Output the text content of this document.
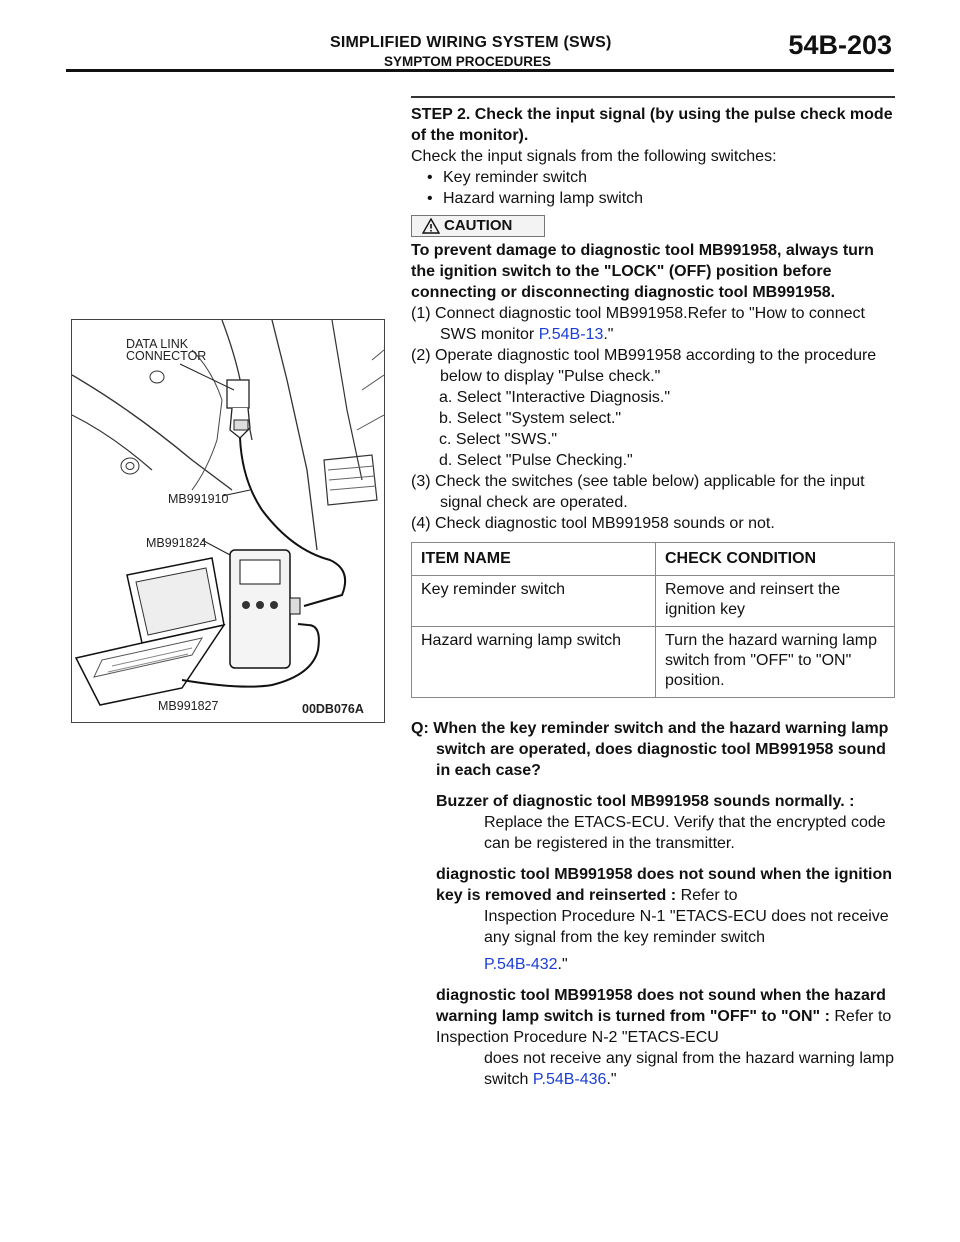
SIMPLIFIED WIRING SYSTEM (SWS)
SYMPTOM PROCEDURES
54B-203
DATA LINK
CONNECTOR
MB991910
MB991824
MB991827	00DB076A

STEP 2. Check the input signal (by using the pulse check mode of the monitor).

Check the input signals from the following switches:

• Key reminder switch
• Hazard warning lamp switch
CAUTION

To prevent damage to diagnostic tool MB991958, always turn the ignition switch to the "LOCK" (OFF) position before connecting or disconnecting diagnostic tool MB991958.

(1) Connect diagnostic tool MB991958.Refer to "How to connect SWS monitor P.54B-13."
(2) Operate diagnostic tool MB991958 according to the procedure below to display "Pulse check."
a. Select "Interactive Diagnosis."
b. Select "System select."
c. Select "SWS."
d. Select "Pulse Checking."
(3) Check the switches (see table below) applicable for the input signal check are operated.
(4) Check diagnostic tool MB991958 sounds or not.
ITEM NAME	CHECK CONDITION
Key reminder switch	Remove and reinsert the ignition key
Hazard warning lamp switch	Turn the hazard warning lamp switch from "OFF" to "ON" position.
Q: When the key reminder switch and the hazard warning lamp switch are operated, does diagnostic tool MB991958 sound in each case?
Buzzer of diagnostic tool MB991958 sounds normally. :
Replace the ETACS-ECU. Verify that the encrypted code can be registered in the transmitter.
diagnostic tool MB991958 does not sound when the ignition key is removed and reinserted : Refer to
Inspection Procedure N-1 "ETACS-ECU does not receive any signal from the key reminder switch
P.54B-432."
diagnostic tool MB991958 does not sound when the hazard warning lamp switch is turned from "OFF" to "ON" : Refer to Inspection Procedure N-2 "ETACS-ECU
does not receive any signal from the hazard warning lamp switch P.54B-436."
